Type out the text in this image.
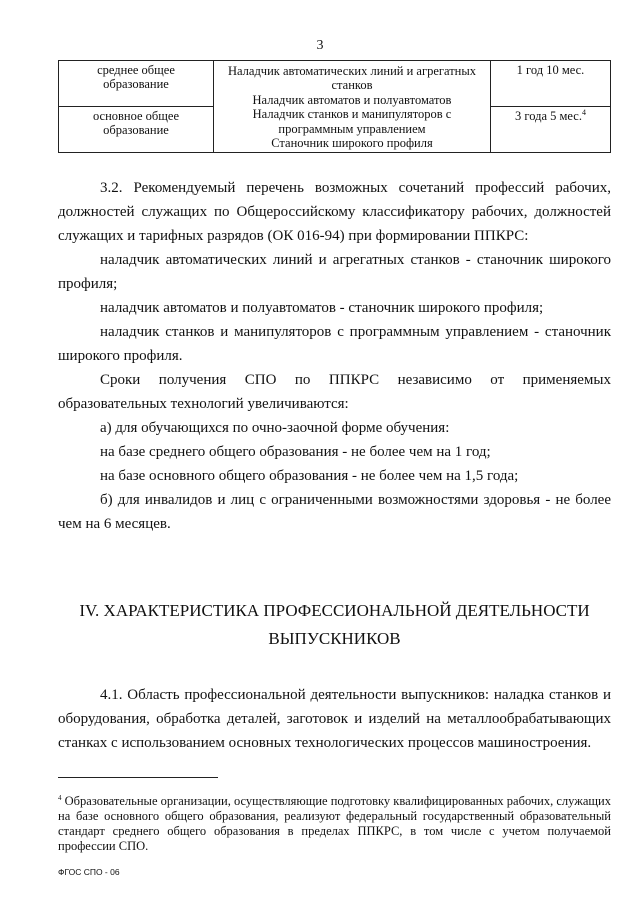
3
среднее общее образование	Наладчик автоматических линий и агрегатных станков
Наладчик автоматов и полуавтоматов
Наладчик станков и манипуляторов с программным управлением
Станочник широкого профиля	1 год 10 мес.
основное общее образование		3 года 5 мес.$^4$

3.2. Рекомендуемый перечень возможных сочетаний профессий рабочих, должностей служащих по Общероссийскому классификатору рабочих, должностей служащих и тарифных разрядов (ОК 016-94) при формировании ППКРС:

наладчик автоматических линий и агрегатных станков - станочник широкого профиля;

наладчик автоматов и полуавтоматов - станочник широкого профиля;

наладчик станков и манипуляторов с программным управлением - станочник широкого профиля.

Сроки получения СПО по ППКРС независимо от применяемых образовательных технологий увеличиваются:

а) для обучающихся по очно-заочной форме обучения:

на базе среднего общего образования - не более чем на 1 год;

на базе основного общего образования - не более чем на 1,5 года;

б) для инвалидов и лиц с ограниченными возможностями здоровья - не более чем на 6 месяцев.

IV. ХАРАКТЕРИСТИКА ПРОФЕССИОНАЛЬНОЙ ДЕЯТЕЛЬНОСТИ
ВЫПУСКНИКОВ

4.1. Область профессиональной деятельности выпускников: наладка станков и оборудования, обработка деталей, заготовок и изделий на металлообрабатывающих станках с использованием основных технологических процессов машиностроения.

$^4$ Образовательные организации, осуществляющие подготовку квалифицированных рабочих, служащих на базе основного общего образования, реализуют федеральный государственный образовательный стандарт среднего общего образования в пределах ППКРС, в том числе с учетом получаемой профессии СПО.
ФГОС СПО - 06
